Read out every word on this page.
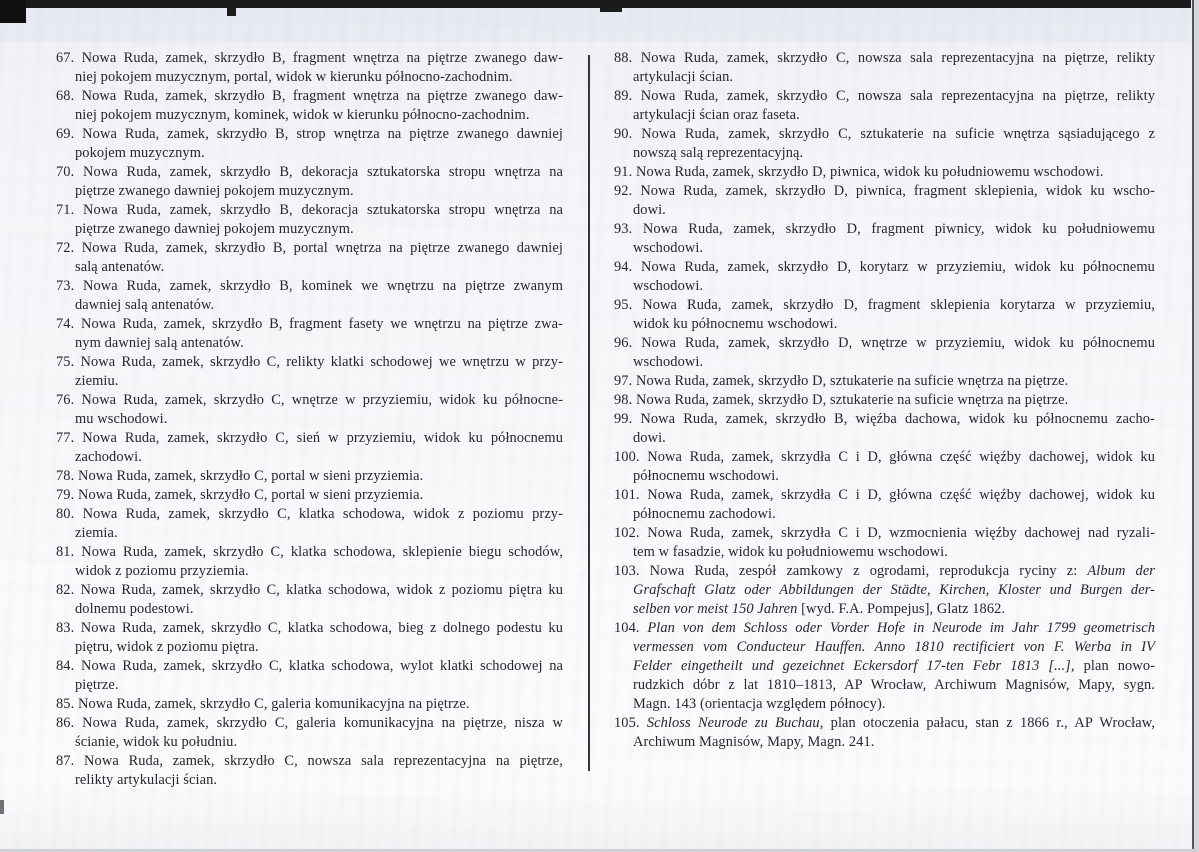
67. Nowa Ruda, zamek, skrzydło B, fragment wnętrza na piętrze zwanego daw-
niej pokojem muzycznym, portal, widok w kierunku północno-zachodnim.
68. Nowa Ruda, zamek, skrzydło B, fragment wnętrza na piętrze zwanego daw-
niej pokojem muzycznym, kominek, widok w kierunku północno-zachodnim.
69. Nowa Ruda, zamek, skrzydło B, strop wnętrza na piętrze zwanego dawniej
pokojem muzycznym.
70. Nowa Ruda, zamek, skrzydło B, dekoracja sztukatorska stropu wnętrza na
piętrze zwanego dawniej pokojem muzycznym.
71. Nowa Ruda, zamek, skrzydło B, dekoracja sztukatorska stropu wnętrza na
piętrze zwanego dawniej pokojem muzycznym.
72. Nowa Ruda, zamek, skrzydło B, portal wnętrza na piętrze zwanego dawniej
salą antenatów.
73. Nowa Ruda, zamek, skrzydło B, kominek we wnętrzu na piętrze zwanym
dawniej salą antenatów.
74. Nowa Ruda, zamek, skrzydło B, fragment fasety we wnętrzu na piętrze zwa-
nym dawniej salą antenatów.
75. Nowa Ruda, zamek, skrzydło C, relikty klatki schodowej we wnętrzu w przy-
ziemiu.
76. Nowa Ruda, zamek, skrzydło C, wnętrze w przyziemiu, widok ku północne-
mu wschodowi.
77. Nowa Ruda, zamek, skrzydło C, sień w przyziemiu, widok ku północnemu
zachodowi.
78. Nowa Ruda, zamek, skrzydło C, portal w sieni przyziemia.
79. Nowa Ruda, zamek, skrzydło C, portal w sieni przyziemia.
80. Nowa Ruda, zamek, skrzydło C, klatka schodowa, widok z poziomu przy-
ziemia.
81. Nowa Ruda, zamek, skrzydło C, klatka schodowa, sklepienie biegu schodów,
widok z poziomu przyziemia.
82. Nowa Ruda, zamek, skrzydło C, klatka schodowa, widok z poziomu piętra ku
dolnemu podestowi.
83. Nowa Ruda, zamek, skrzydło C, klatka schodowa, bieg z dolnego podestu ku
piętru, widok z poziomu piętra.
84. Nowa Ruda, zamek, skrzydło C, klatka schodowa, wylot klatki schodowej na
piętrze.
85. Nowa Ruda, zamek, skrzydło C, galeria komunikacyjna na piętrze.
86. Nowa Ruda, zamek, skrzydło C, galeria komunikacyjna na piętrze, nisza w
ścianie, widok ku południu.
87. Nowa Ruda, zamek, skrzydło C, nowsza sala reprezentacyjna na piętrze,
relikty artykulacji ścian.
88. Nowa Ruda, zamek, skrzydło C, nowsza sala reprezentacyjna na piętrze, relikty
artykulacji ścian.
89. Nowa Ruda, zamek, skrzydło C, nowsza sala reprezentacyjna na piętrze, relikty
artykulacji ścian oraz faseta.
90. Nowa Ruda, zamek, skrzydło C, sztukaterie na suficie wnętrza sąsiadującego z
nowszą salą reprezentacyjną.
91. Nowa Ruda, zamek, skrzydło D, piwnica, widok ku południowemu wschodowi.
92. Nowa Ruda, zamek, skrzydło D, piwnica, fragment sklepienia, widok ku wscho-
dowi.
93. Nowa Ruda, zamek, skrzydło D, fragment piwnicy, widok ku południowemu
wschodowi.
94. Nowa Ruda, zamek, skrzydło D, korytarz w przyziemiu, widok ku północnemu
wschodowi.
95. Nowa Ruda, zamek, skrzydło D, fragment sklepienia korytarza w przyziemiu,
widok ku północnemu wschodowi.
96. Nowa Ruda, zamek, skrzydło D, wnętrze w przyziemiu, widok ku północnemu
wschodowi.
97. Nowa Ruda, zamek, skrzydło D, sztukaterie na suficie wnętrza na piętrze.
98. Nowa Ruda, zamek, skrzydło D, sztukaterie na suficie wnętrza na piętrze.
99. Nowa Ruda, zamek, skrzydło B, więźba dachowa, widok ku północnemu zacho-
dowi.
100. Nowa Ruda, zamek, skrzydła C i D, główna część więźby dachowej, widok ku
północnemu wschodowi.
101. Nowa Ruda, zamek, skrzydła C i D, główna część więźby dachowej, widok ku
północnemu zachodowi.
102. Nowa Ruda, zamek, skrzydła C i D, wzmocnienia więźby dachowej nad ryzali-
tem w fasadzie, widok ku południowemu wschodowi.
103. Nowa Ruda, zespół zamkowy z ogrodami, reprodukcja ryciny z: Album der
Grafschaft Glatz oder Abbildungen der Städte, Kirchen, Kloster und Burgen der-
selben vor meist 150 Jahren [wyd. F.A. Pompejus], Glatz 1862.
104. Plan von dem Schloss oder Vorder Hofe in Neurode im Jahr 1799 geometrisch
vermessen vom Conducteur Hauffen. Anno 1810 rectificiert von F. Werba in IV
Felder eingetheilt und gezeichnet Eckersdorf 17-ten Febr 1813 [...], plan nowo-
rudzkich dóbr z lat 1810–1813, AP Wrocław, Archiwum Magnisów, Mapy, sygn.
Magn. 143 (orientacja względem północy).
105. Schloss Neurode zu Buchau, plan otoczenia pałacu, stan z 1866 r., AP Wrocław,
Archiwum Magnisów, Mapy, Magn. 241.
